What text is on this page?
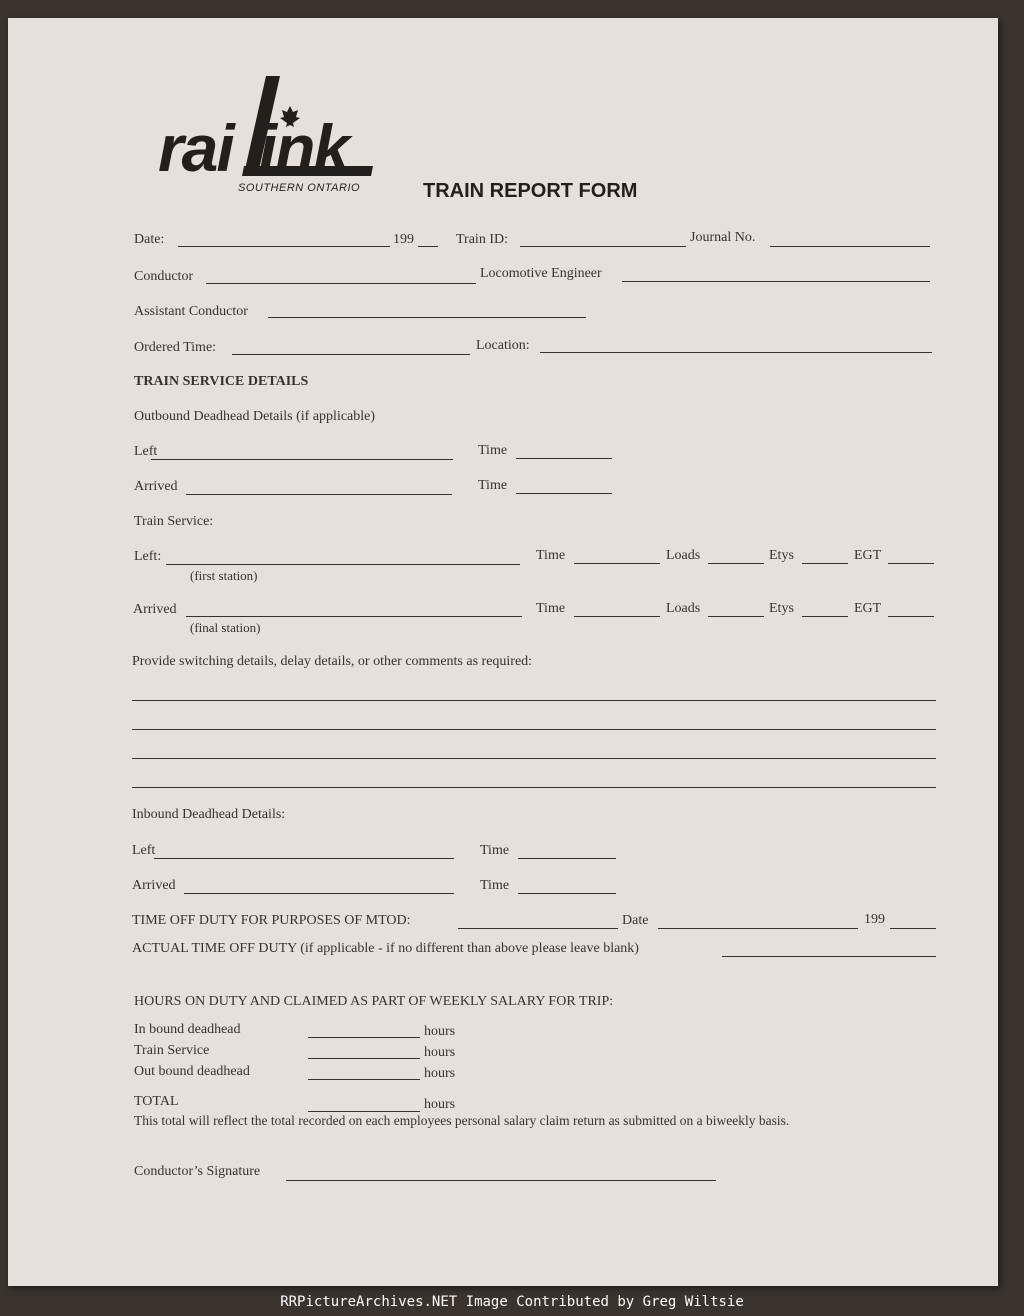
rai ink
SOUTHERN ONTARIO	TRAIN REPORT FORM
Date:	199	Train ID:	Journal No.
Conductor	Locomotive Engineer
Assistant Conductor
Ordered Time:	Location:
TRAIN SERVICE DETAILS
Outbound Deadhead Details (if applicable)
Left	Time
Arrived	Time
Train Service:
Left:
(first station)
Time	Loads	Etys	EGT
Arrived
(final station)
Time	Loads	Etys	EGT
Provide switching details, delay details, or other comments as required:
Inbound Deadhead Details:
Left	Time
Arrived	Time
TIME OFF DUTY FOR PURPOSES OF MTOD:	Date	199
ACTUAL TIME OFF DUTY (if applicable - if no different than above please leave blank)
HOURS ON DUTY AND CLAIMED AS PART OF WEEKLY SALARY FOR TRIP:
In bound deadhead	hours
Train Service	hours
Out bound deadhead	hours
TOTAL	hours
This total will reflect the total recorded on each employees personal salary claim return as submitted on a biweekly basis.
Conductor’s Signature
RRPictureArchives.NET Image Contributed by Greg Wiltsie
